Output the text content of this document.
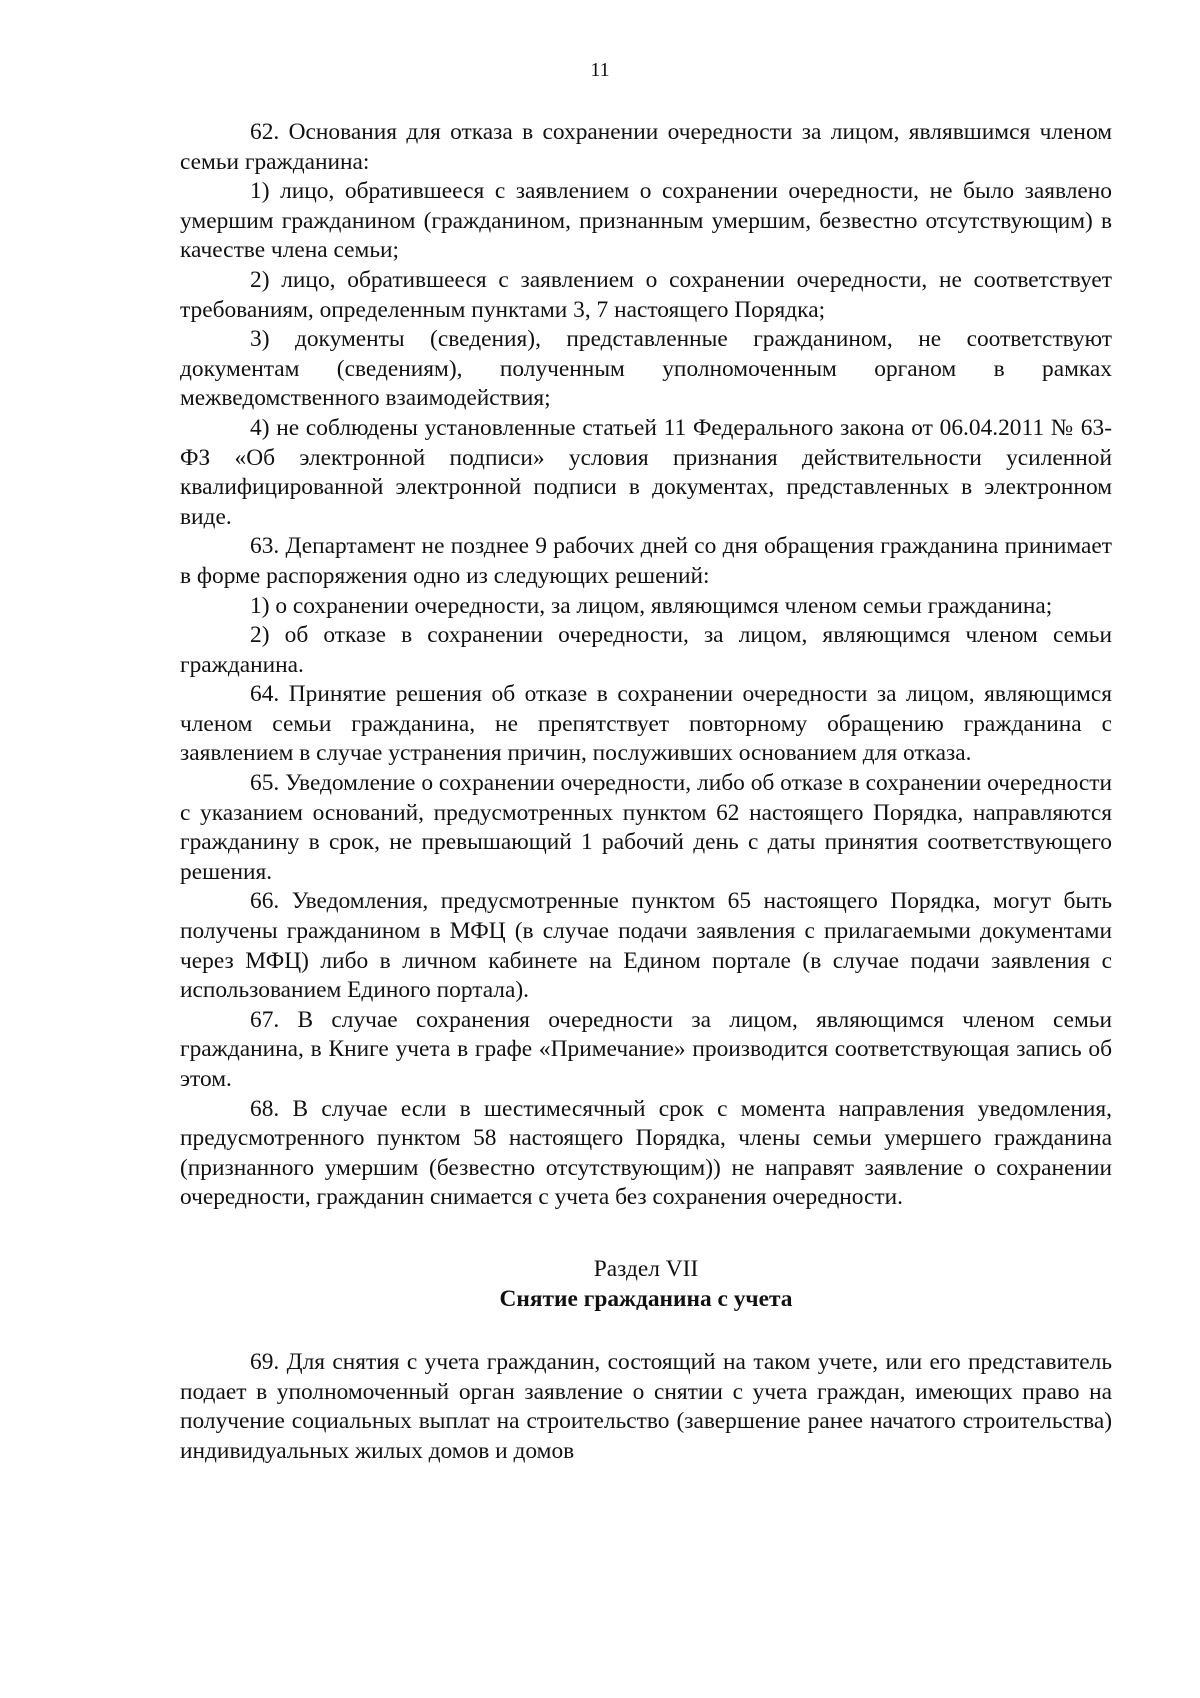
11

62. Основания для отказа в сохранении очередности за лицом, являвшимся членом семьи гражданина:

1) лицо, обратившееся с заявлением о сохранении очередности, не было заявлено умершим гражданином (гражданином, признанным умершим, безвестно отсутствующим) в качестве члена семьи;

2) лицо, обратившееся с заявлением о сохранении очередности, не соответствует требованиям, определенным пунктами 3, 7 настоящего Порядка;

3) документы (сведения), представленные гражданином, не соответствуют документам (сведениям), полученным уполномоченным органом в рамках межведомственного взаимодействия;

4) не соблюдены установленные статьей 11 Федерального закона от 06.04.2011 № 63-ФЗ «Об электронной подписи» условия признания действительности усиленной квалифицированной электронной подписи в документах, представленных в электронном виде.

63. Департамент не позднее 9 рабочих дней со дня обращения гражданина принимает в форме распоряжения одно из следующих решений:

1) о сохранении очередности, за лицом, являющимся членом семьи гражданина;

2) об отказе в сохранении очередности, за лицом, являющимся членом семьи гражданина.

64. Принятие решения об отказе в сохранении очередности за лицом, являющимся членом семьи гражданина, не препятствует повторному обращению гражданина с заявлением в случае устранения причин, послуживших основанием для отказа.

65. Уведомление о сохранении очередности, либо об отказе в сохранении очередности с указанием оснований, предусмотренных пунктом 62 настоящего Порядка, направляются гражданину в срок, не превышающий 1 рабочий день с даты принятия соответствующего решения.

66. Уведомления, предусмотренные пунктом 65 настоящего Порядка, могут быть получены гражданином в МФЦ (в случае подачи заявления с прилагаемыми документами через МФЦ) либо в личном кабинете на Едином портале (в случае подачи заявления с использованием Единого портала).

67. В случае сохранения очередности за лицом, являющимся членом семьи гражданина, в Книге учета в графе «Примечание» производится соответствующая запись об этом.

68. В случае если в шестимесячный срок с момента направления уведомления, предусмотренного пунктом 58 настоящего Порядка, члены семьи умершего гражданина (признанного умершим (безвестно отсутствующим)) не направят заявление о сохранении очередности, гражданин снимается с учета без сохранения очередности.

Раздел VII

Снятие гражданина с учета

69. Для снятия с учета гражданин, состоящий на таком учете, или его представитель подает в уполномоченный орган заявление о снятии с учета граждан, имеющих право на получение социальных выплат на строительство (завершение ранее начатого строительства) индивидуальных жилых домов и домов
